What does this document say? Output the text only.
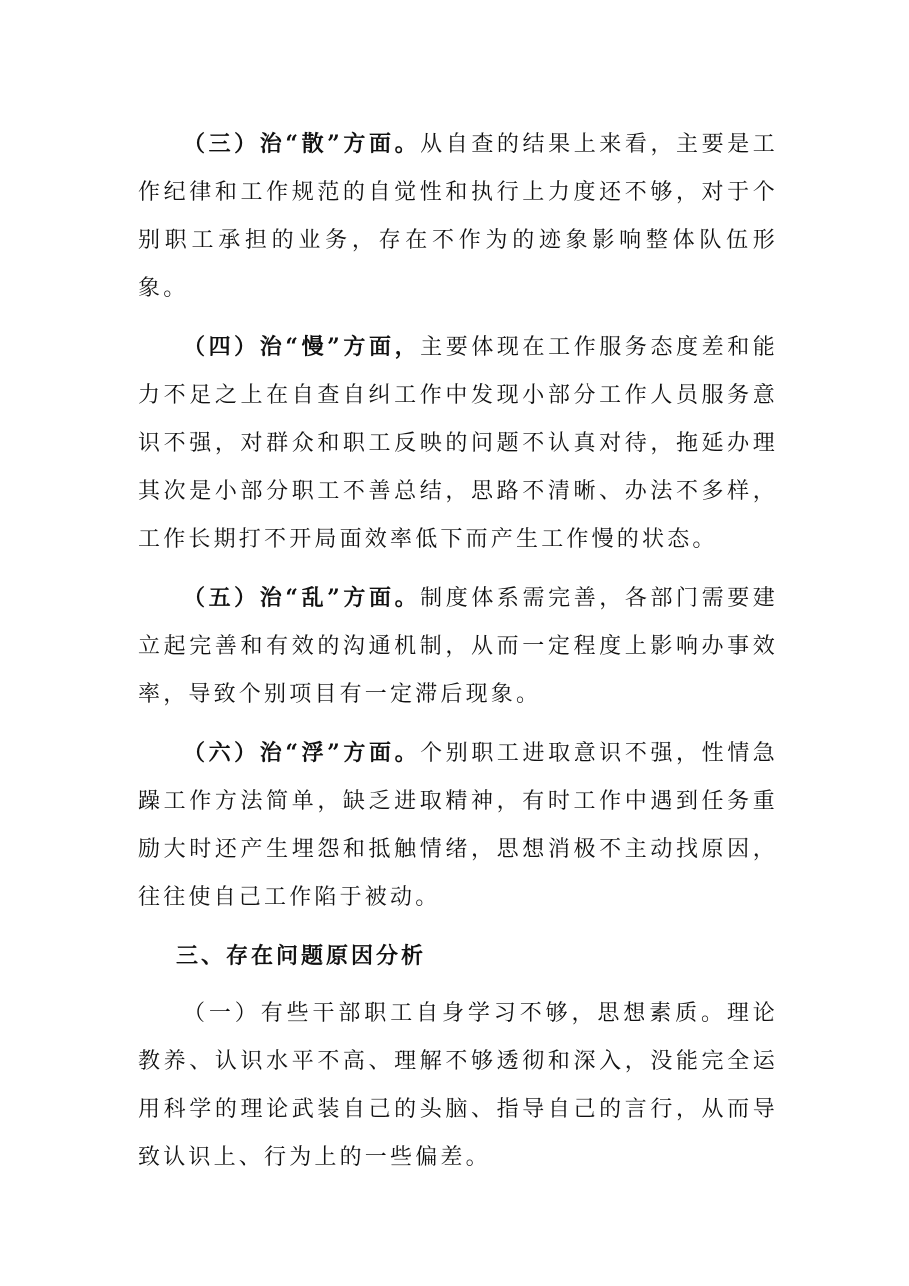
（三）治“散”方面。从自查的结果上来看，主要是工作纪律和工作规范的自觉性和执行上力度还不够，对于个别职工承担的业务，存在不作为的迹象影响整体队伍形象。

（四）治“慢”方面，主要体现在工作服务态度差和能力不足之上在自查自纠工作中发现小部分工作人员服务意识不强，对群众和职工反映的问题不认真对待，拖延办理其次是小部分职工不善总结，思路不清晰、办法不多样，工作长期打不开局面效率低下而产生工作慢的状态。

（五）治“乱”方面。制度体系需完善，各部门需要建立起完善和有效的沟通机制，从而一定程度上影响办事效率，导致个别项目有一定滞后现象。

（六）治“浮”方面。个别职工进取意识不强，性情急躁工作方法简单，缺乏进取精神，有时工作中遇到任务重励大时还产生埋怨和抵触情绪，思想消极不主动找原因，往往使自己工作陷于被动。

三、存在问题原因分析

（一）有些干部职工自身学习不够，思想素质。理论教养、认识水平不高、理解不够透彻和深入，没能完全运用科学的理论武装自己的头脑、指导自己的言行，从而导致认识上、行为上的一些偏差。
